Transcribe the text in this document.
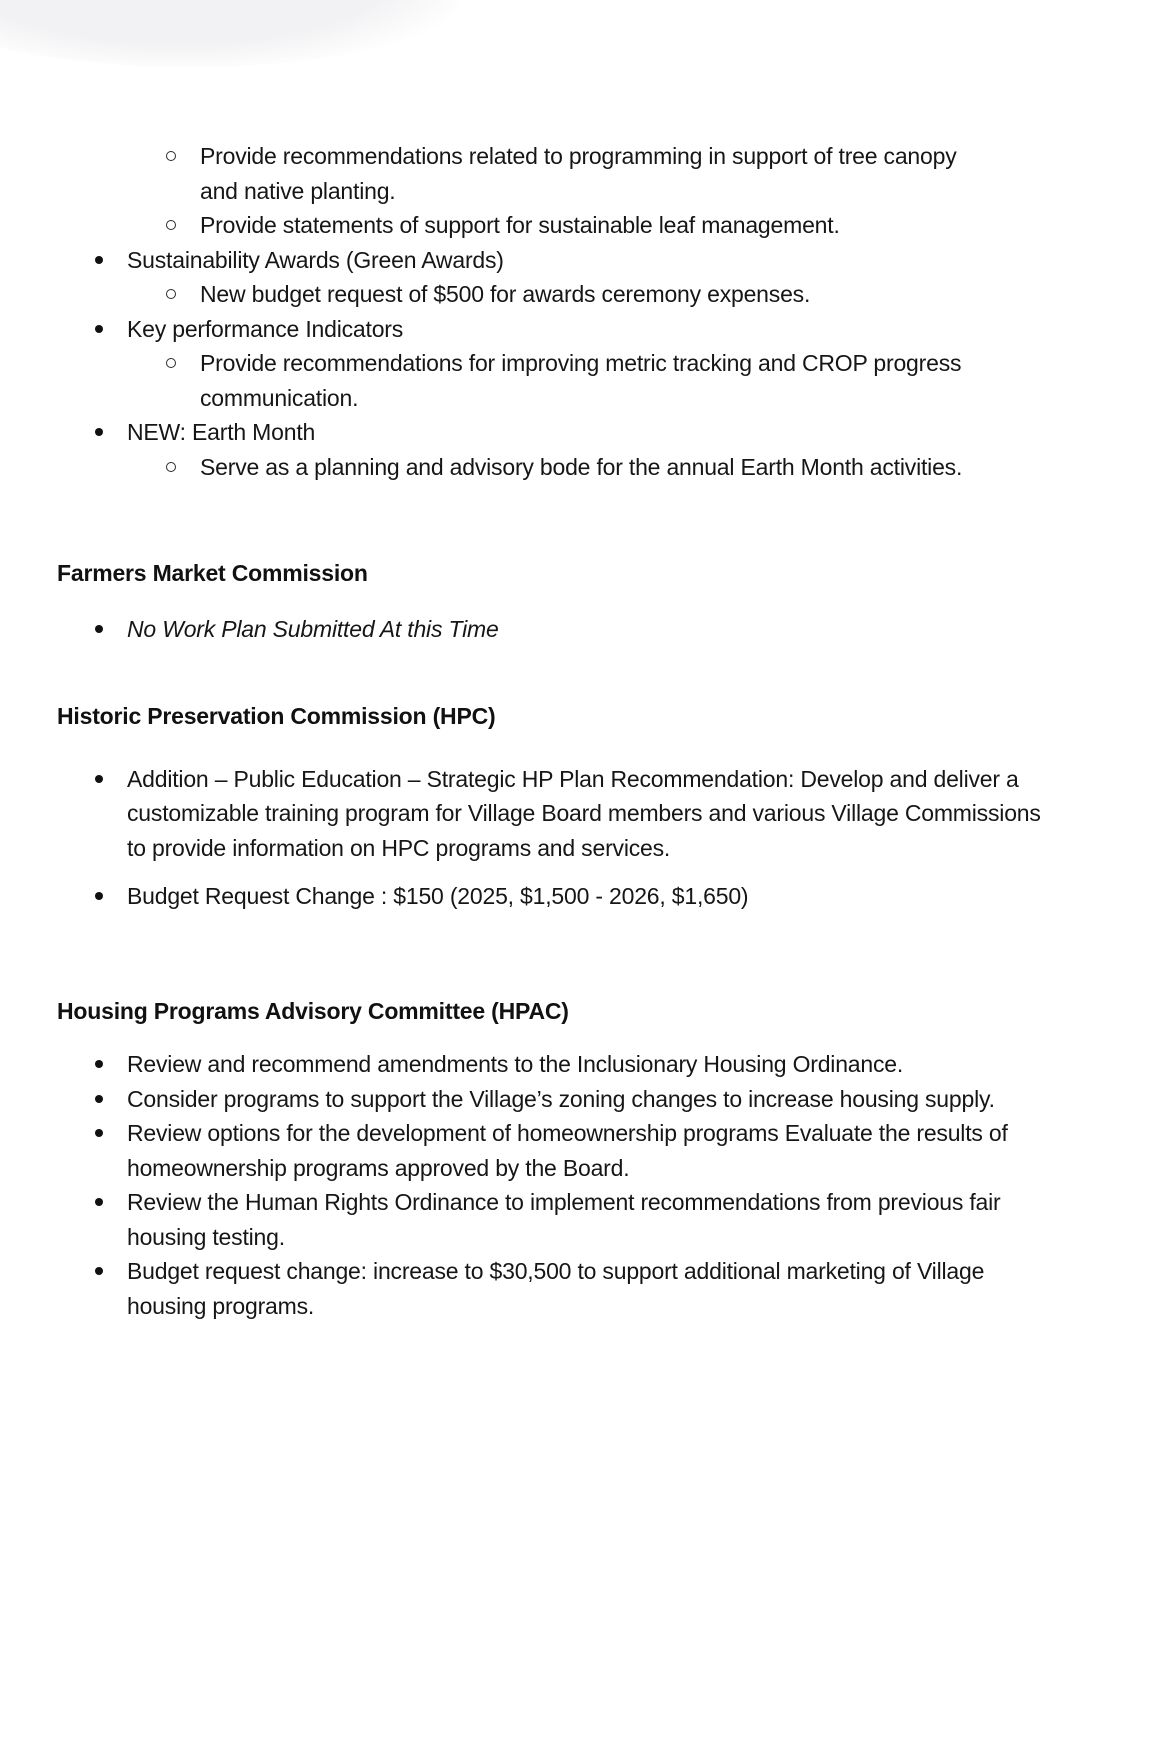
Provide recommendations related to programming in support of tree canopy and native planting.
Provide statements of support for sustainable leaf management.
Sustainability Awards (Green Awards)
New budget request of $500 for awards ceremony expenses.
Key performance Indicators
Provide recommendations for improving metric tracking and CROP progress communication.
NEW: Earth Month
Serve as a planning and advisory bode for the annual Earth Month activities.
Farmers Market Commission
No Work Plan Submitted At this Time
Historic Preservation Commission (HPC)
Addition – Public Education – Strategic HP Plan Recommendation: Develop and deliver a customizable training program for Village Board members and various Village Commissions to provide information on HPC programs and services.
Budget Request Change : $150 (2025, $1,500 - 2026, $1,650)
Housing Programs Advisory Committee (HPAC)
Review and recommend amendments to the Inclusionary Housing Ordinance.
Consider programs to support the Village’s zoning changes to increase housing supply.
Review options for the development of homeownership programs Evaluate the results of homeownership programs approved by the Board.
Review the Human Rights Ordinance to implement recommendations from previous fair housing testing.
Budget request change: increase to $30,500 to support additional marketing of Village housing programs.
